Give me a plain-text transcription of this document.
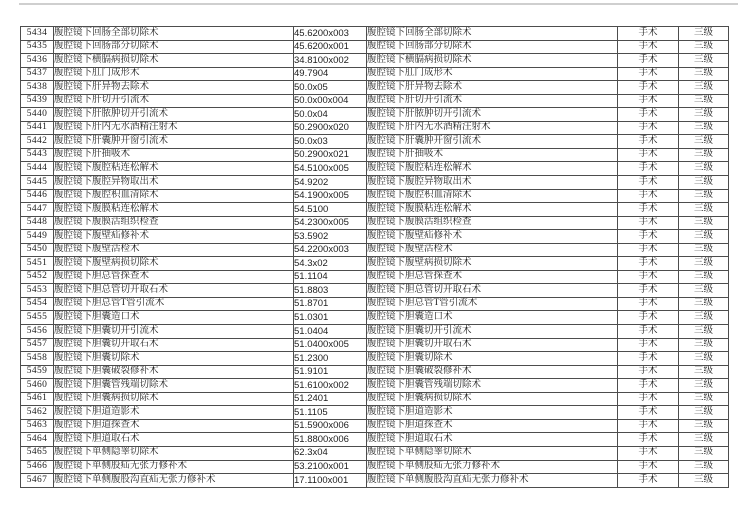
5434	腹腔镜下回肠全部切除术	45.6200x003	腹腔镜下回肠全部切除术	手术	三级
5435	腹腔镜下回肠部分切除术	45.6200x001	腹腔镜下回肠部分切除术	手术	三级
5436	腹腔镜下横膈病损切除术	34.8100x002	腹腔镜下横膈病损切除术	手术	三级
5437	腹腔镜下肛门成形术	49.7904	腹腔镜下肛门成形术	手术	三级
5438	腹腔镜下肝异物去除术	50.0x05	腹腔镜下肝异物去除术	手术	三级
5439	腹腔镜下肝切开引流术	50.0x00x004	腹腔镜下肝切开引流术	手术	三级
5440	腹腔镜下肝脓肿切开引流术	50.0x04	腹腔镜下肝脓肿切开引流术	手术	三级
5441	腹腔镜下肝内无水酒精注射术	50.2900x020	腹腔镜下肝内无水酒精注射术	手术	三级
5442	腹腔镜下肝囊肿开窗引流术	50.0x03	腹腔镜下肝囊肿开窗引流术	手术	三级
5443	腹腔镜下肝抽吸术	50.2900x021	腹腔镜下肝抽吸术	手术	三级
5444	腹腔镜下腹腔粘连松解术	54.5100x005	腹腔镜下腹腔粘连松解术	手术	三级
5445	腹腔镜下腹腔异物取出术	54.9202	腹腔镜下腹腔异物取出术	手术	三级
5446	腹腔镜下腹腔积血清除术	54.1900x005	腹腔镜下腹腔积血清除术	手术	三级
5447	腹腔镜下腹膜粘连松解术	54.5100	腹腔镜下腹膜粘连松解术	手术	三级
5448	腹腔镜下腹膜活组织检查	54.2300x005	腹腔镜下腹膜活组织检查	手术	三级
5449	腹腔镜下腹壁疝修补术	53.5902	腹腔镜下腹壁疝修补术	手术	三级
5450	腹腔镜下腹壁活检术	54.2200x003	腹腔镜下腹壁活检术	手术	三级
5451	腹腔镜下腹壁病损切除术	54.3x02	腹腔镜下腹壁病损切除术	手术	三级
5452	腹腔镜下胆总管探查术	51.1104	腹腔镜下胆总管探查术	手术	三级
5453	腹腔镜下胆总管切开取石术	51.8803	腹腔镜下胆总管切开取石术	手术	三级
5454	腹腔镜下胆总管T管引流术	51.8701	腹腔镜下胆总管T管引流术	手术	三级
5455	腹腔镜下胆囊造口术	51.0301	腹腔镜下胆囊造口术	手术	三级
5456	腹腔镜下胆囊切开引流术	51.0404	腹腔镜下胆囊切开引流术	手术	三级
5457	腹腔镜下胆囊切开取石术	51.0400x005	腹腔镜下胆囊切开取石术	手术	三级
5458	腹腔镜下胆囊切除术	51.2300	腹腔镜下胆囊切除术	手术	三级
5459	腹腔镜下胆囊破裂修补术	51.9101	腹腔镜下胆囊破裂修补术	手术	三级
5460	腹腔镜下胆囊管残端切除术	51.6100x002	腹腔镜下胆囊管残端切除术	手术	三级
5461	腹腔镜下胆囊病损切除术	51.2401	腹腔镜下胆囊病损切除术	手术	三级
5462	腹腔镜下胆道造影术	51.1105	腹腔镜下胆道造影术	手术	三级
5463	腹腔镜下胆道探查术	51.5900x006	腹腔镜下胆道探查术	手术	三级
5464	腹腔镜下胆道取石术	51.8800x006	腹腔镜下胆道取石术	手术	三级
5465	腹腔镜下单侧隐睾切除术	62.3x04	腹腔镜下单侧隐睾切除术	手术	三级
5466	腹腔镜下单侧股疝无张力修补术	53.2100x001	腹腔镜下单侧股疝无张力修补术	手术	三级
5467	腹腔镜下单侧腹股沟直疝无张力修补术	17.1100x001	腹腔镜下单侧腹股沟直疝无张力修补术	手术	三级
